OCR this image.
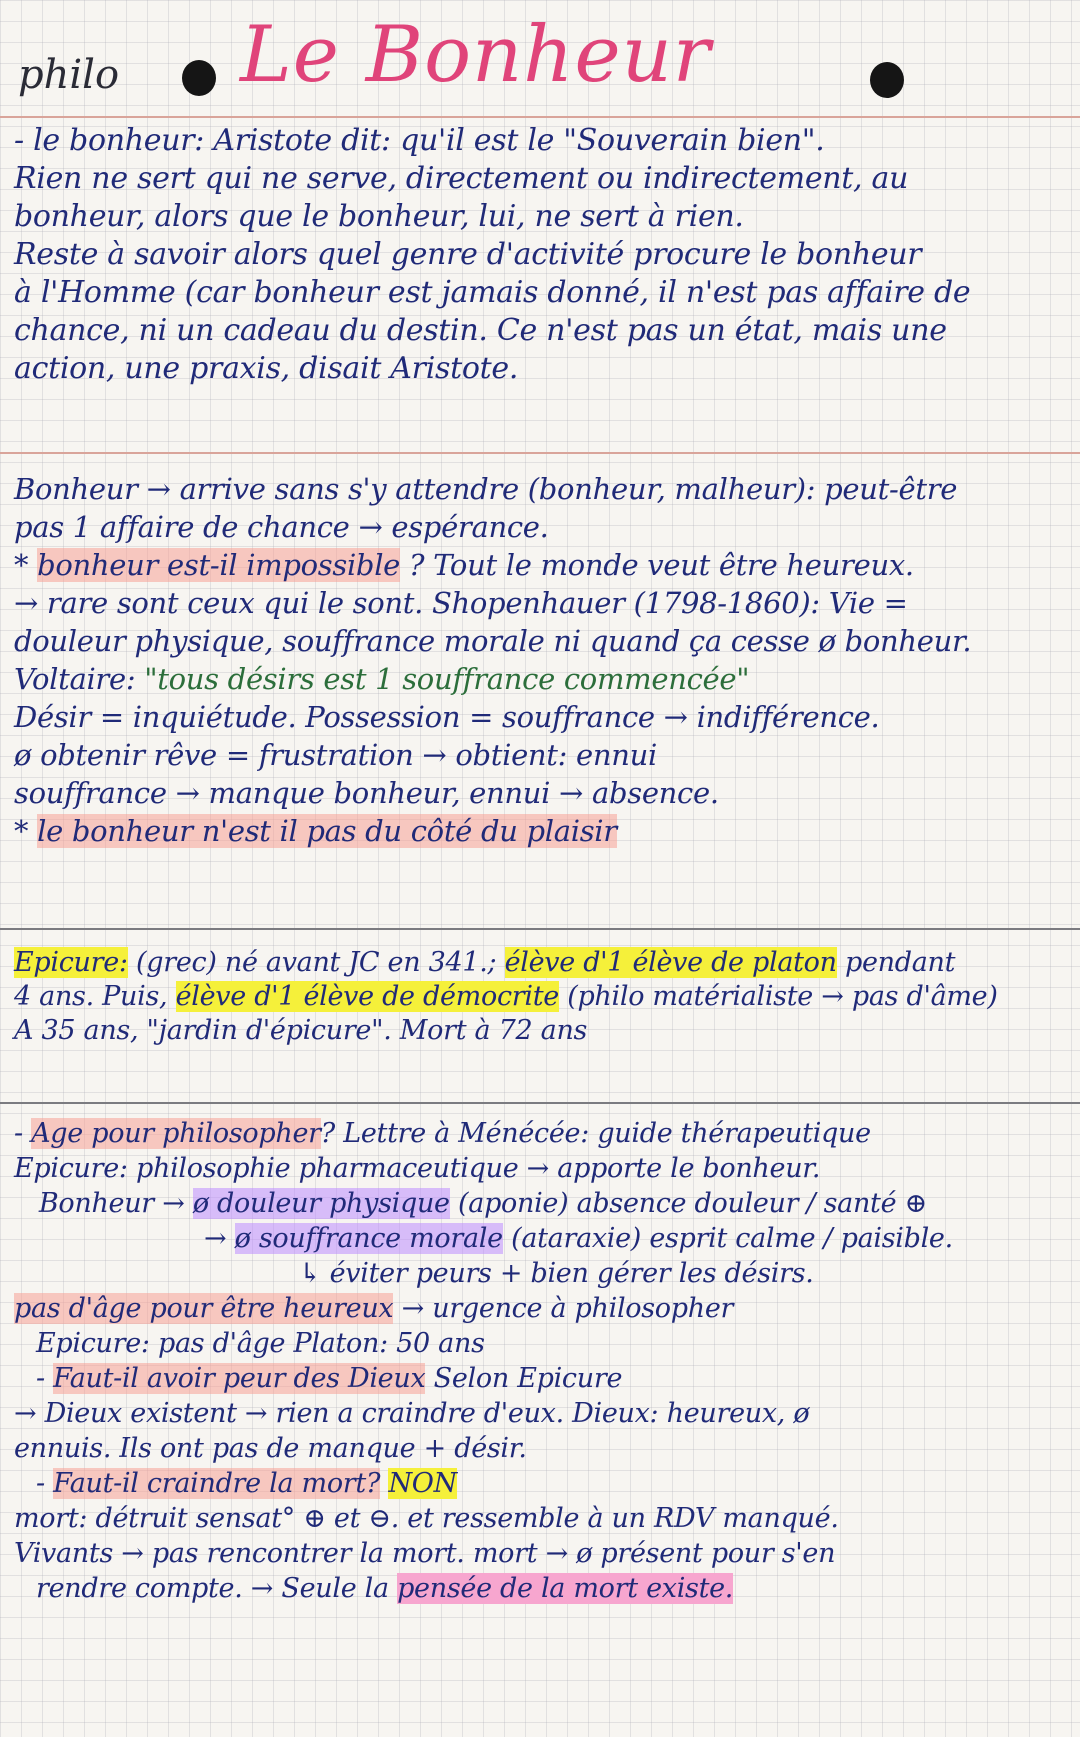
philo Le Bonheur
- le bonheur: Aristote dit: qu'il est le "Souverain bien".
Rien ne sert qui ne serve, directement ou indirectement, au
bonheur, alors que le bonheur, lui, ne sert à rien.
Reste à savoir alors quel genre d'activité procure le bonheur
à l'Homme (car bonheur est jamais donné, il n'est pas affaire de
chance, ni un cadeau du destin. Ce n'est pas un état, mais une
action, une praxis, disait Aristote.
Bonheur → arrive sans s'y attendre (bonheur, malheur): peut-être
pas 1 affaire de chance → espérance.
* bonheur est-il impossible ? Tout le monde veut être heureux.
→ rare sont ceux qui le sont. Shopenhauer (1798-1860): Vie =
douleur physique, souffrance morale ni quand ça cesse ø bonheur.
Voltaire: "tous désirs est 1 souffrance commencée"
Désir = inquiétude. Possession = souffrance → indifférence.
ø obtenir rêve = frustration → obtient: ennui
souffrance → manque bonheur, ennui → absence.
* le bonheur n'est il pas du côté du plaisir
Epicure: (grec) né avant JC en 341.; élève d'1 élève de platon pendant
4 ans. Puis, élève d'1 élève de démocrite (philo matérialiste → pas d'âme)
A 35 ans, "jardin d'épicure". Mort à 72 ans
- Age pour philosopher? Lettre à Ménécée: guide thérapeutique
Epicure: philosophie pharmaceutique → apporte le bonheur.
Bonheur → ø douleur physique (aponie) absence douleur / santé ⊕
→ ø souffrance morale (ataraxie) esprit calme / paisible.
↳ éviter peurs + bien gérer les désirs.
pas d'âge pour être heureux → urgence à philosopher
Epicure: pas d'âge Platon: 50 ans
- Faut-il avoir peur des Dieux Selon Epicure
→ Dieux existent → rien a craindre d'eux. Dieux: heureux, ø
ennuis. Ils ont pas de manque + désir.
- Faut-il craindre la mort? NON
mort: détruit sensat° ⊕ et ⊖. et ressemble à un RDV manqué.
Vivants → pas rencontrer la mort. mort → ø présent pour s'en
rendre compte. → Seule la pensée de la mort existe.
